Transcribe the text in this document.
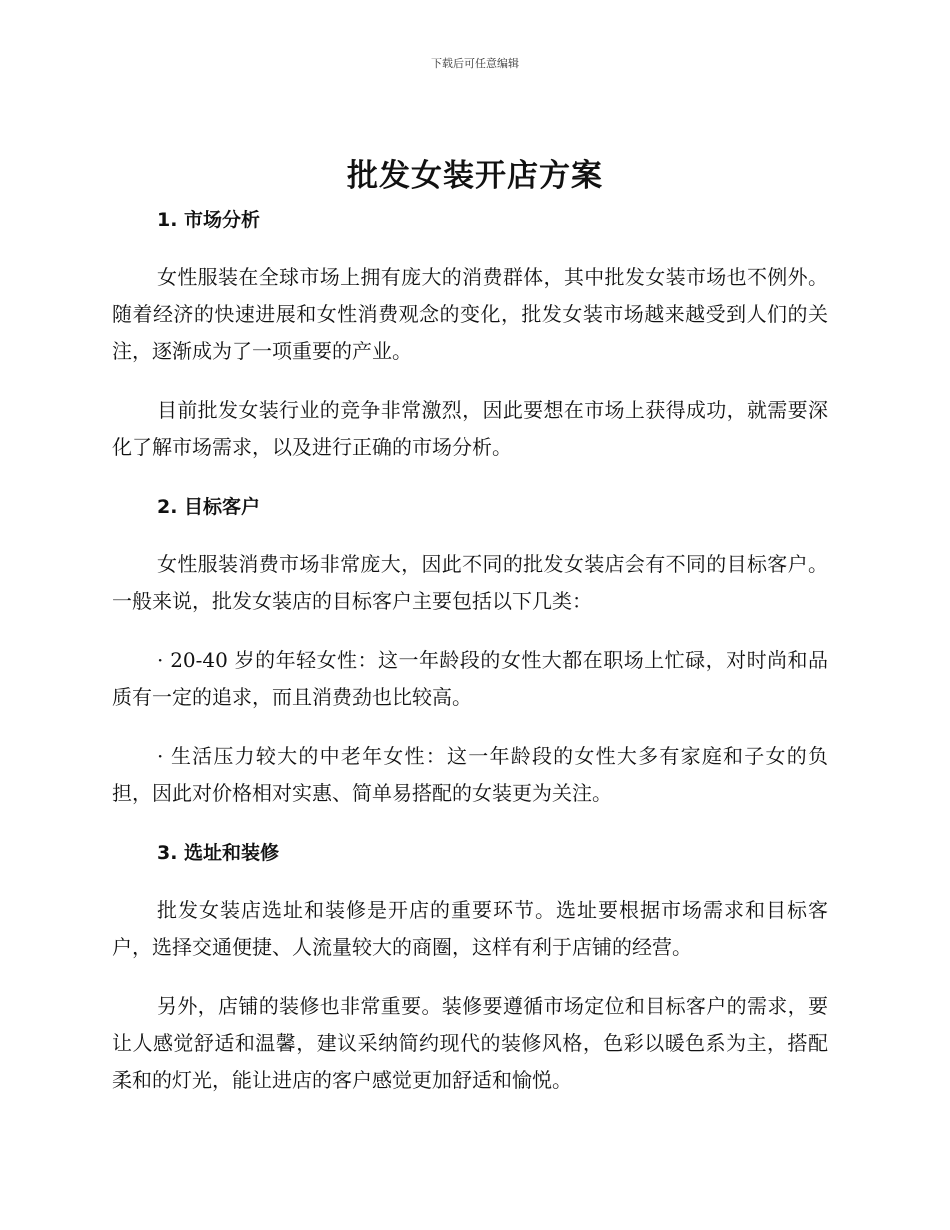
下载后可任意编辑
批发女装开店方案
1. 市场分析

女性服装在全球市场上拥有庞大的消费群体，其中批发女装市场也不例外。随着经济的快速进展和女性消费观念的变化，批发女装市场越来越受到人们的关注，逐渐成为了一项重要的产业。

目前批发女装行业的竞争非常激烈，因此要想在市场上获得成功，就需要深化了解市场需求，以及进行正确的市场分析。

2. 目标客户

女性服装消费市场非常庞大，因此不同的批发女装店会有不同的目标客户。一般来说，批发女装店的目标客户主要包括以下几类：

· 20-40 岁的年轻女性：这一年龄段的女性大都在职场上忙碌，对时尚和品质有一定的追求，而且消费劲也比较高。

· 生活压力较大的中老年女性：这一年龄段的女性大多有家庭和子女的负担，因此对价格相对实惠、简单易搭配的女装更为关注。

3. 选址和装修

批发女装店选址和装修是开店的重要环节。选址要根据市场需求和目标客户，选择交通便捷、人流量较大的商圈，这样有利于店铺的经营。

另外，店铺的装修也非常重要。装修要遵循市场定位和目标客户的需求，要让人感觉舒适和温馨，建议采纳简约现代的装修风格，色彩以暖色系为主，搭配柔和的灯光，能让进店的客户感觉更加舒适和愉悦。
